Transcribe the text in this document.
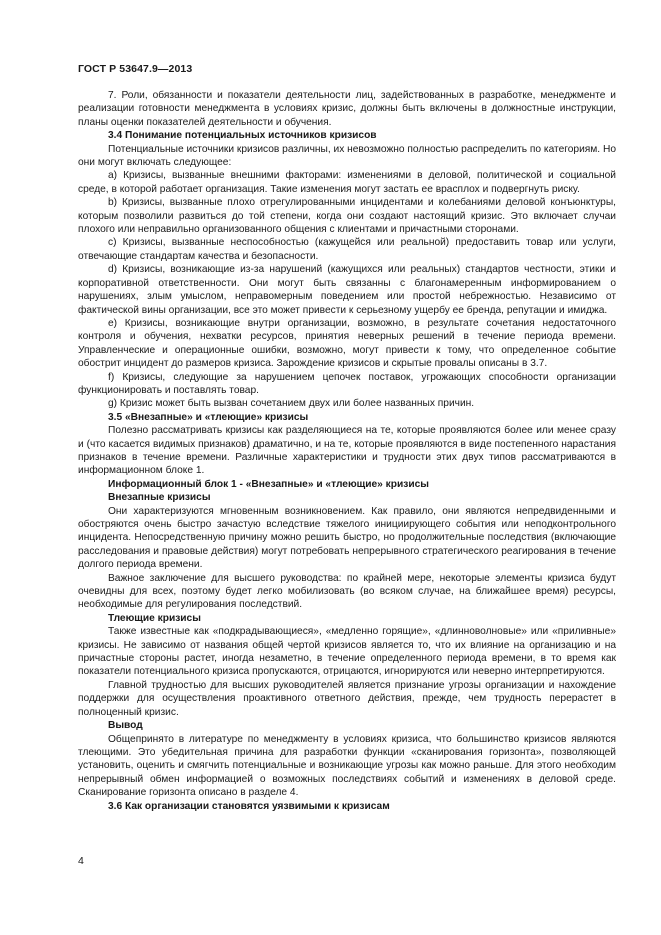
ГОСТ Р 53647.9—2013

7. Роли, обязанности и показатели деятельности лиц, задействованных в разработке, менеджменте и реализации готовности менеджмента в условиях кризис, должны быть включены в должностные инструкции, планы оценки показателей деятельности и обучения.

3.4 Понимание потенциальных источников кризисов

Потенциальные источники кризисов различны, их невозможно полностью распределить по категориям. Но они могут включать следующее:

a) Кризисы, вызванные внешними факторами: изменениями в деловой, политической и социальной среде, в которой работает организация. Такие изменения могут застать ее врасплох и подвергнуть риску.

b) Кризисы, вызванные плохо отрегулированными инцидентами и колебаниями деловой конъюнктуры, которым позволили развиться до той степени, когда они создают настоящий кризис. Это включает случаи плохого или неправильно организованного общения с клиентами и причастными сторонами.

c) Кризисы, вызванные неспособностью (кажущейся или реальной) предоставить товар или услуги, отвечающие стандартам качества и безопасности.

d) Кризисы, возникающие из-за нарушений (кажущихся или реальных) стандартов честности, этики и корпоративной ответственности. Они могут быть связанны с благонамеренным информированием о нарушениях, злым умыслом, неправомерным поведением или простой небрежностью. Независимо от фактической вины организации, все это может привести к серьезному ущербу ее бренда, репутации и имиджа.

e) Кризисы, возникающие внутри организации, возможно, в результате сочетания недостаточного контроля и обучения, нехватки ресурсов, принятия неверных решений в течение периода времени. Управленческие и операционные ошибки, возможно, могут привести к тому, что определенное событие обострит инцидент до размеров кризиса. Зарождение кризисов и скрытые провалы описаны в 3.7.

f) Кризисы, следующие за нарушением цепочек поставок, угрожающих способности организации функционировать и поставлять товар.

g) Кризис может быть вызван сочетанием двух или более названных причин.

3.5 «Внезапные» и «тлеющие» кризисы

Полезно рассматривать кризисы как разделяющиеся на те, которые проявляются более или менее сразу и (что касается видимых признаков) драматично, и на те, которые проявляются в виде постепенного нарастания признаков в течение времени. Различные характеристики и трудности этих двух типов рассматриваются в информационном блоке 1.

Информационный блок 1 - «Внезапные» и «тлеющие» кризисы
Внезапные кризисы

Они характеризуются мгновенным возникновением. Как правило, они являются непредвиденными и обостряются очень быстро зачастую вследствие тяжелого инициирующего события или неподконтрольного инцидента. Непосредственную причину можно решить быстро, но продолжительные последствия (включающие расследования и правовые действия) могут потребовать непрерывного стратегического реагирования в течение долгого периода времени.

Важное заключение для высшего руководства: по крайней мере, некоторые элементы кризиса будут очевидны для всех, поэтому будет легко мобилизовать (во всяком случае, на ближайшее время) ресурсы, необходимые для регулирования последствий.

Тлеющие кризисы

Также известные как «подкрадывающиеся», «медленно горящие», «длинноволновые» или «приливные» кризисы. Не зависимо от названия общей чертой кризисов является то, что их влияние на организацию и на причастные стороны растет, иногда незаметно, в течение определенного периода времени, в то время как показатели потенциального кризиса пропускаются, отрицаются, игнорируются или неверно интерпретируются.

Главной трудностью для высших руководителей является признание угрозы организации и нахождение поддержки для осуществления проактивного ответного действия, прежде, чем трудность перерастет в полноценный кризис.

Вывод

Общепринято в литературе по менеджменту в условиях кризиса, что большинство кризисов являются тлеющими. Это убедительная причина для разработки функции «сканирования горизонта», позволяющей установить, оценить и смягчить потенциальные и возникающие угрозы как можно раньше. Для этого необходим непрерывный обмен информацией о возможных последствиях событий и изменениях в деловой среде. Сканирование горизонта описано в разделе 4.

3.6 Как организации становятся уязвимыми к кризисам
4
